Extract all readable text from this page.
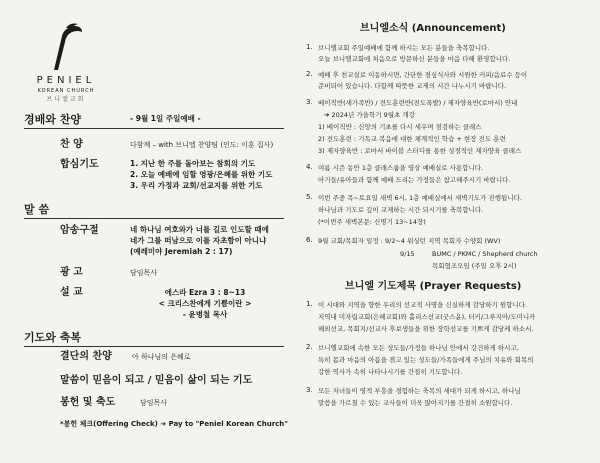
PENIEL
KOREAN CHURCH
브니엘교회
경배와 찬양	- 9월 1일 주일예배 -
찬 양	다함께 – with 브니엘 찬양팀 (인도: 이훈 집사)
합심기도	1. 지난 한 주를 돌아보는 참회의 기도
2. 오늘 예배에 임할 영광/은혜를 위한 기도
3. 우리 가정과 교회/선교지를 위한 기도
말 씀
암송구절	네 하나님 여호와가 너를 길로 인도할 때에
네가 그를 떠남으로 이를 자초함이 아니냐
(예레미야 Jeremiah 2 : 17)
광 고	담임목사
설 교	에스라 Ezra 3 : 8~13
< 크리스찬에게 기쁨이란 >
- 윤병철 목사
기도와 축복
결단의 찬양	아 하나님의 은혜로
말씀이 믿음이 되고 / 믿음이 삶이 되는 기도
봉헌 및 축도	담임목사
*봉헌 체크(Offering Check) ➔ Pay to "Peniel Korean Church"
브니엘소식 (Announcement)
1. 브니엘교회 주일예배에 함께 하시는 모든 분들을 축복합니다.
오늘 브니엘교회에 처음으로 방문하신 분들을 마음 다해 환영합니다.
2. 예배 후 친교실로 이동하시면, 간단한 점심식사와 시원한 커피/음료수 등이
준비되어 있습니다. 다함께 따뜻한 교제의 시간 나누시기 바랍니다.
3. 베이직반(새가족반) / 전도훈련반(전도폭발) / 제자양육반(로마서) 안내
➔ 2024년 가을학기 9월초 개강
1) 베이직반 : 신앙의 기초를 다시 세우며 점검하는 클래스
2) 전도훈련 : 기독교 복음에 대한 체계적인 학습 + 현장 전도 훈련
3) 제자양육반 : 로마서 바이블 스터디를 통한 성경적인 제자양육 클래스
4. 여름 시즌 동안 1층 클래스룸을 영상 예배실로 사용합니다.
아기들/유아들과 함께 예배 드리는 가정들은 참고해주시기 바랍니다.
5. 이번 주중 목~토요일 새벽 6시, 1층 예배실에서 새벽기도가 진행됩니다.
하나님과 기도로 깊이 교제하는 시간 되시기를 축복합니다.
(*이번주 새벽본문: 신명기 13~14장)
6. 9월 교회/목회자 일정 : 9/2~4 워싱턴 지역 목회자 수양회 (WV)
9/15	BUMC / PKMC / Shepherd church
목회협조모임 (주일 오후 2시)
브니엘 기도제목 (Prayer Requests)
1. 이 시대와 지역을 향한 우리의 선교적 사명을 신실하게 감당하기 원합니다.
지역내 미자립교회(은혜교회)와 홀리스선교(굿스윤), 터키/그루지아/도미니카
해외선교, 목회지/선교사 후보생들을 위한 장학선교를 기쁘게 감당케 하소서.
2. 브니엘교회에 속한 모든 성도들/가정들 하나님 안에서 강건하게 하시고,
특히 몸과 마음의 아픔을 겪고 있는 성도들/가족들에게 주님의 치유와 회복의
강한 역사가 속히 나타나시기를 간절히 기도합니다.
3. 모든 자녀들이 영적 부흥을 경험하는 축복의 세대가 되게 하시고, 하나님
말씀을 가르칠 수 있는 교사들이 더욱 많아지기를 간절히 소원합니다.
